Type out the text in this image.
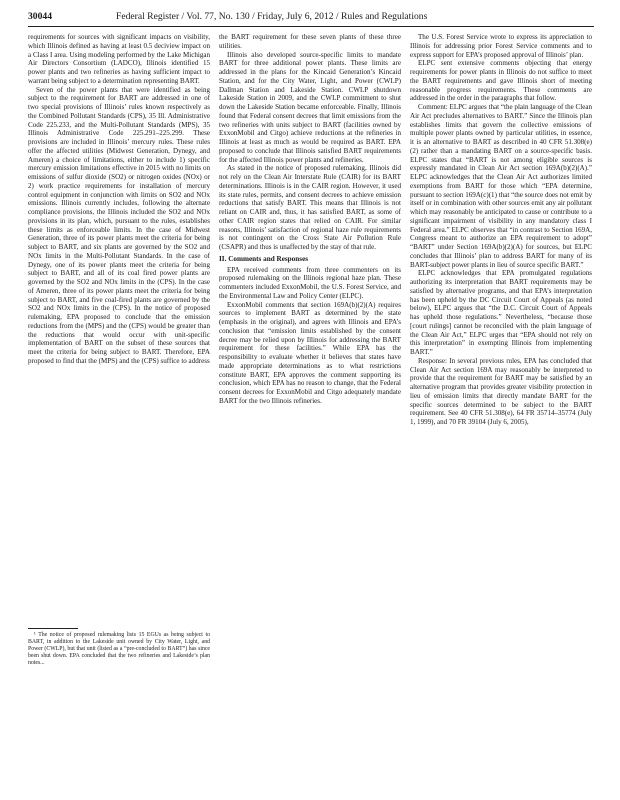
30044	Federal Register / Vol. 77, No. 130 / Friday, July 6, 2012 / Rules and Regulations

requirements for sources with significant impacts on visibility, which Illinois defined as having at least 0.5 deciview impact on a Class I area. Using modeling performed by the Lake Michigan Air Directors Consortium (LADCO), Illinois identified 15 power plants and two refineries as having sufficient impact to warrant being subject to a determination representing BART.

Seven of the power plants that were identified as being subject to the requirement for BART are addressed in one of two special provisions of Illinois’ rules known respectively as the Combined Pollutant Standards (CPS), 35 Ill. Administrative Code 225.233, and the Multi-Pollutant Standards (MPS), 35 Illinois Administrative Code 225.291–225.299. These provisions are included in Illinois’ mercury rules. These rules offer the affected utilities (Midwest Generation, Dynegy, and Ameren) a choice of limitations, either to include 1) specific mercury emission limitations effective in 2015 with no limits on emissions of sulfur dioxide (SO2) or nitrogen oxides (NOx) or 2) work practice requirements for installation of mercury control equipment in conjunction with limits on SO2 and NOx emissions. Illinois currently includes, following the alternate compliance provisions, the Illinois included the SO2 and NOx provisions in its plan, which, pursuant to the rules, establishes these limits as enforceable limits. In the case of Midwest Generation, three of its power plants meet the criteria for being subject to BART, and six plants are governed by the SO2 and NOx limits in the Multi-Pollutant Standards. In the case of Dynegy, one of its power plants meet the criteria for being subject to BART, and all of its coal fired power plants are governed by the SO2 and NOx limits in the (CPS). In the case of Ameren, three of its power plants meet the criteria for being subject to BART, and five coal-fired plants are governed by the SO2 and NOx limits in the (CPS). In the notice of proposed rulemaking, EPA proposed to conclude that the emission reductions from the (MPS) and the (CPS) would be greater than the reductions that would occur with unit-specific implementation of BART on the subset of these sources that meet the criteria for being subject to BART. Therefore, EPA proposed to find that the (MPS) and the (CPS) suffice to address

the BART requirement for these seven plants of these three utilities.

Illinois also developed source-specific limits to mandate BART for three additional power plants. These limits are addressed in the plans for the Kincaid Generation’s Kincaid Station, and for the City Water, Light, and Power (CWLP) Dallman Station and Lakeside Station. CWLP shutdown Lakeside Station in 2009, and the CWLP commitment to shut down the Lakeside Station became enforceable. Finally, Illinois found that Federal consent decrees that limit emissions from the two refineries with units subject to BART (facilities owned by ExxonMobil and Citgo) achieve reductions at the refineries in Illinois at least as much as would be required as BART. EPA proposed to conclude that Illinois satisfied BART requirements for the affected Illinois power plants and refineries.

As stated in the notice of proposed rulemaking, Illinois did not rely on the Clean Air Interstate Rule (CAIR) for its BART determinations. Illinois is in the CAIR region. However, it used its state rules, permits, and consent decrees to achieve emission reductions that satisfy BART. This means that Illinois is not reliant on CAIR and, thus, it has satisfied BART, as some of other CAIR region states that relied on CAIR. For similar reasons, Illinois’ satisfaction of regional haze rule requirements is not contingent on the Cross State Air Pollution Rule (CSAPR) and thus is unaffected by the stay of that rule.

II. Comments and Responses

EPA received comments from three commenters on its proposed rulemaking on the Illinois regional haze plan. These commenters included ExxonMobil, the U.S. Forest Service, and the Environmental Law and Policy Center (ELPC).

ExxonMobil comments that section 169A(b)(2)(A) requires sources to implement BART as determined by the state (emphasis in the original), and agrees with Illinois and EPA’s conclusion that “emission limits established by the consent decree may be relied upon by Illinois for addressing the BART requirement for these facilities.” While EPA has the responsibility to evaluate whether it believes that states have made appropriate determinations as to what restrictions constitute BART, EPA approves the comment supporting its conclusion, which EPA has no reason to change, that the Federal consent decrees for ExxonMobil and Citgo adequately mandate BART for the two Illinois refineries.

The U.S. Forest Service wrote to express its appreciation to Illinois for addressing prior Forest Service comments and to express support for EPA’s proposed approval of Illinois’ plan.

ELPC sent extensive comments objecting that energy requirements for power plants in Illinois do not suffice to meet the BART requirements and gave Illinois short of meeting reasonable progress requirements. These comments are addressed in the order in the paragraphs that follow.

Comment: ELPC argues that “the plain language of the Clean Air Act precludes alternatives to BART.” Since the Illinois plan establishes limits that govern the collective emissions of multiple power plants owned by particular utilities, in essence, it is an alternative to BART as described in 40 CFR 51.308(e)(2) rather than a mandating BART on a source-specific basis. ELPC states that “BART is not among eligible sources is expressly mandated in Clean Air Act section 169A(b)(2)(A).” ELPC acknowledges that the Clean Air Act authorizes limited exemptions from BART for those which “EPA determine, pursuant to section 169A(c)(1) that “the source does not emit by itself or in combination with other sources emit any air pollutant which may reasonably be anticipated to cause or contribute to a significant impairment of visibility in any mandatory class I Federal area.” ELPC observes that “in contrast to Section 169A, Congress meant to authorize an EPA requirement to adopt” “BART” under Section 169A(b)(2)(A) for sources, but ELPC concludes that Illinois’ plan to address BART for many of its BART-subject power plants in lieu of source specific BART.”

ELPC acknowledges that EPA promulgated regulations authorizing its interpretation that BART requirements may be satisfied by alternative programs, and that EPA’s interpretation has been upheld by the DC Circuit Court of Appeals (as noted below), ELPC argues that “the D.C. Circuit Court of Appeals has upheld those regulations.” Nevertheless, “because those [court rulings] cannot be reconciled with the plain language of the Clean Air Act,” ELPC urges that “EPA should not rely on this interpretation” in exempting Illinois from implementing BART.”

Response: In several previous rules, EPA has concluded that Clean Air Act section 169A may reasonably be interpreted to provide that the requirement for BART may be satisfied by an alternative program that provides greater visibility protection in lieu of emission limits that directly mandate BART for the specific sources determined to be subject to the BART requirement. See 40 CFR 51.308(e), 64 FR 35714–35774 (July 1, 1999), and 70 FR 39104 (July 6, 2005),

¹ The notice of proposed rulemaking lists 15 EGUs as being subject to BART, in addition to the Lakeside unit owned by City Water, Light, and Power (CWLP), but that unit (listed as a “pre-concluded to BART”) has since been shut down. EPA concluded that the two refineries and Lakeside’s plan notes...
